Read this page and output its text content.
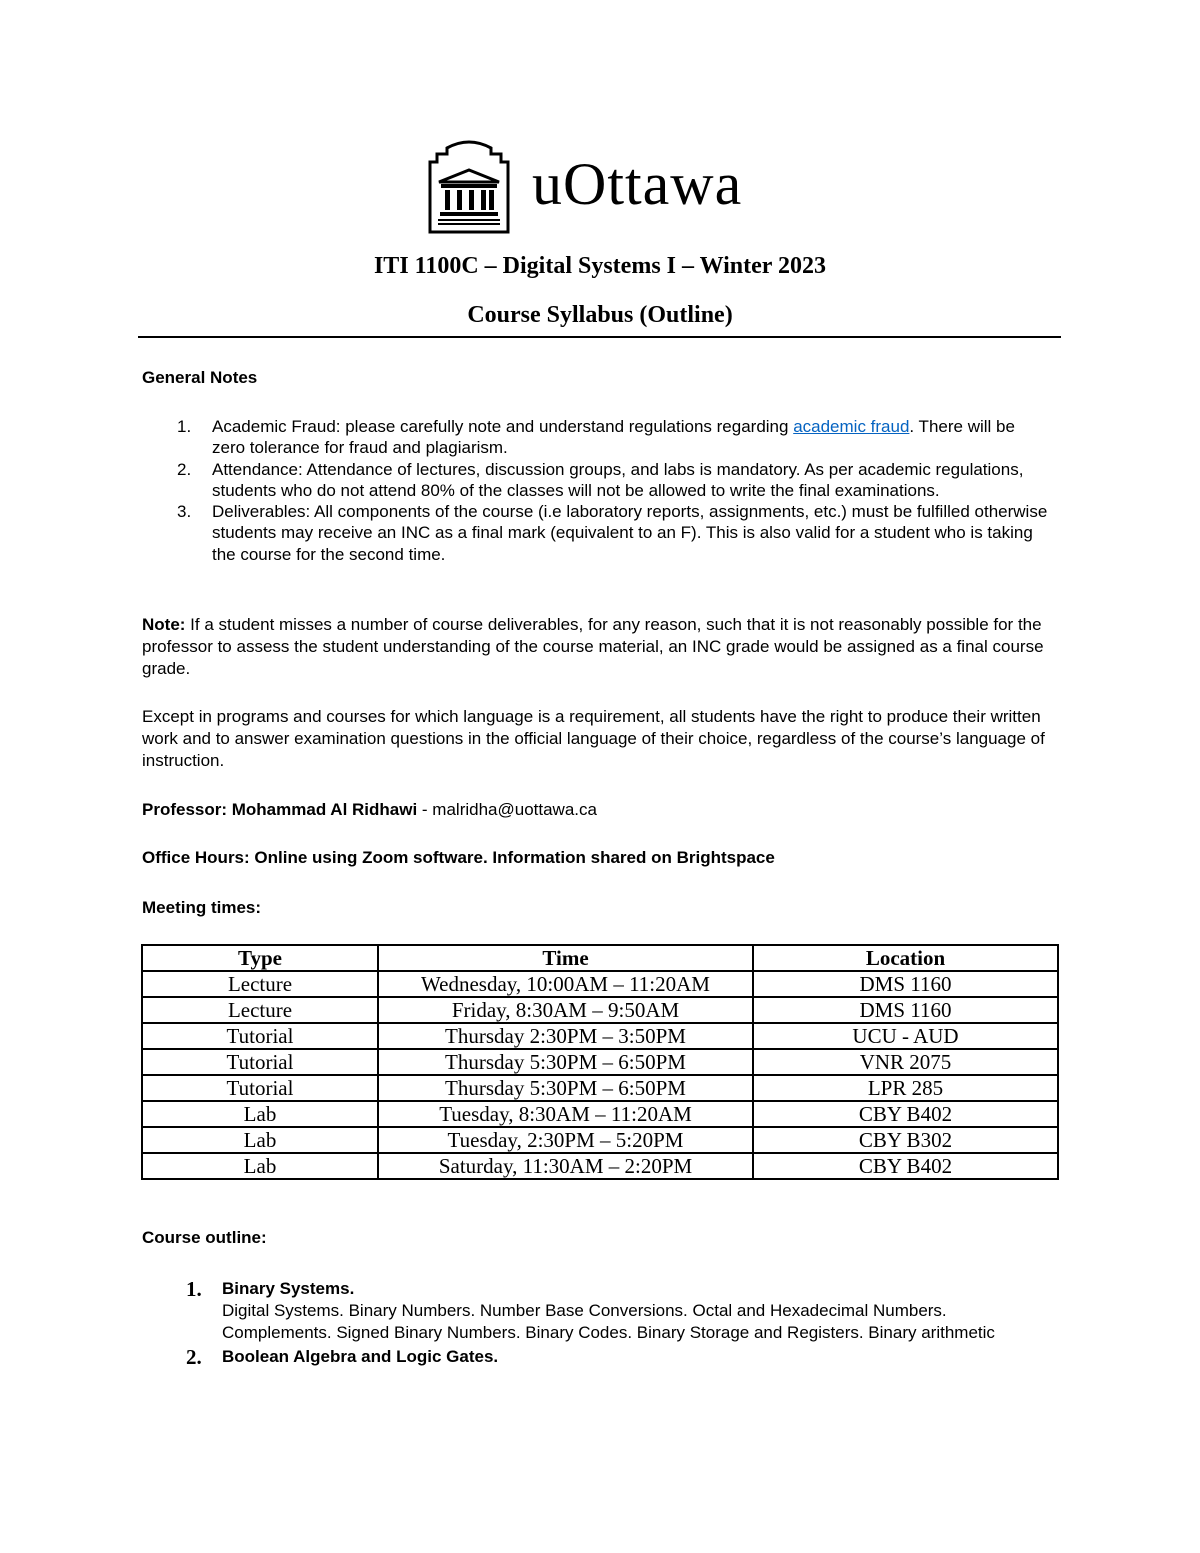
uOttawa
ITI 1100C – Digital Systems I – Winter 2023
Course Syllabus (Outline)
General Notes
1. Academic Fraud: please carefully note and understand regulations regarding academic fraud. There will be zero tolerance for fraud and plagiarism.
2. Attendance: Attendance of lectures, discussion groups, and labs is mandatory. As per academic regulations, students who do not attend 80% of the classes will not be allowed to write the final examinations.
3. Deliverables: All components of the course (i.e laboratory reports, assignments, etc.) must be fulfilled otherwise students may receive an INC as a final mark (equivalent to an F). This is also valid for a student who is taking the course for the second time.
Note: If a student misses a number of course deliverables, for any reason, such that it is not reasonably possible for the professor to assess the student understanding of the course material, an INC grade would be assigned as a final course grade.
Except in programs and courses for which language is a requirement, all students have the right to produce their written work and to answer examination questions in the official language of their choice, regardless of the course’s language of instruction.
Professor: Mohammad Al Ridhawi - malridha@uottawa.ca
Office Hours: Online using Zoom software. Information shared on Brightspace
Meeting times:
Type	Time	Location
Lecture	Wednesday, 10:00AM – 11:20AM	DMS 1160
Lecture	Friday, 8:30AM – 9:50AM	DMS 1160
Tutorial	Thursday 2:30PM – 3:50PM	UCU - AUD
Tutorial	Thursday 5:30PM – 6:50PM	VNR 2075
Tutorial	Thursday 5:30PM – 6:50PM	LPR 285
Lab	Tuesday, 8:30AM – 11:20AM	CBY B402
Lab	Tuesday, 2:30PM – 5:20PM	CBY B302
Lab	Saturday, 11:30AM – 2:20PM	CBY B402
Course outline:
1. Binary Systems.
Digital Systems. Binary Numbers. Number Base Conversions. Octal and Hexadecimal Numbers. Complements. Signed Binary Numbers. Binary Codes. Binary Storage and Registers. Binary arithmetic
2. Boolean Algebra and Logic Gates.
